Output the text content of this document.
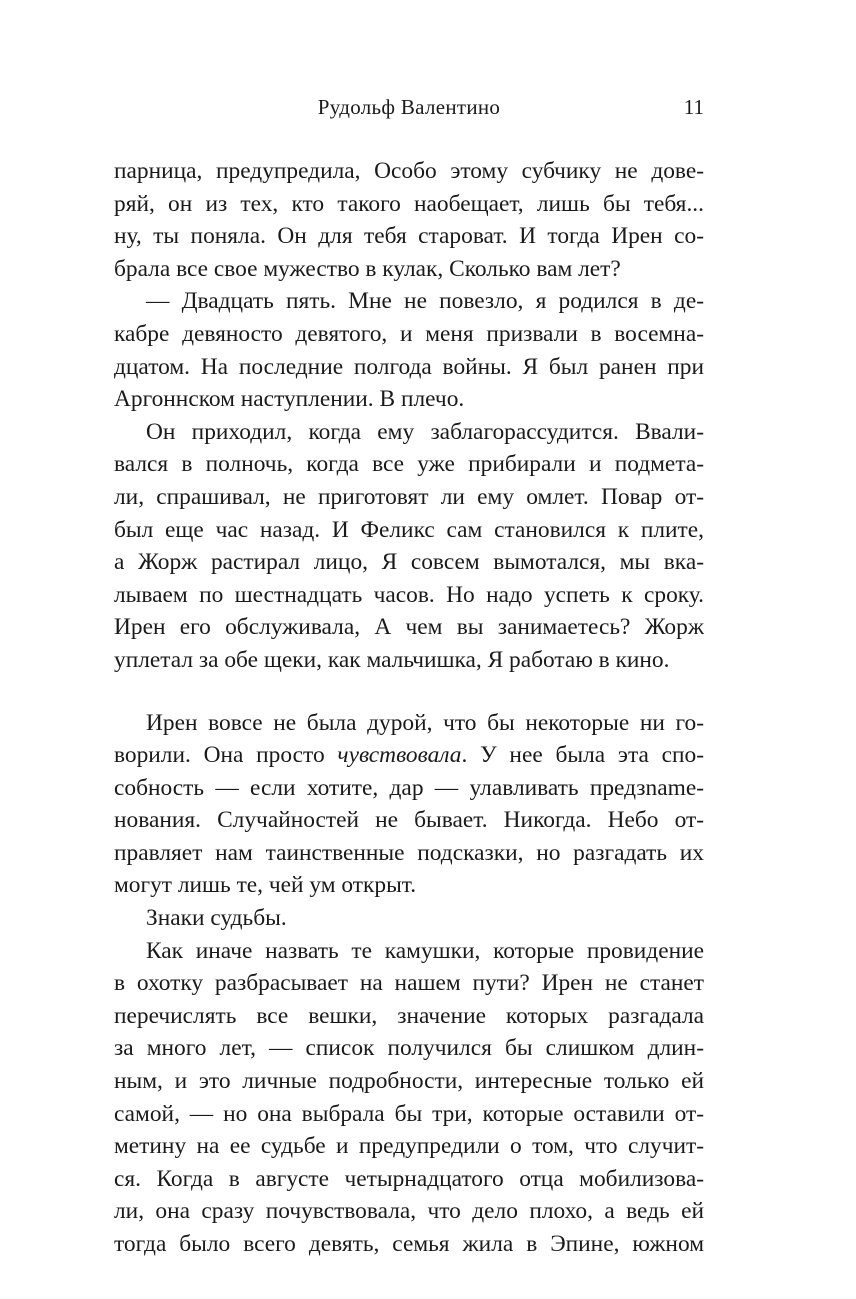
Рудольф Валентино	11
парница, предупредила, Особо этому субчику не дове-
ряй, он из тех, кто такого наобещает, лишь бы тебя...
ну, ты поняла. Он для тебя староват. И тогда Ирен со-
брала все свое мужество в кулак, Сколько вам лет?
— Двадцать пять. Мне не повезло, я родился в де-
кабре девяносто девятого, и меня призвали в восемна-
дцатом. На последние полгода войны. Я был ранен при
Аргоннском наступлении. В плечо.
Он приходил, когда ему заблагорассудится. Ввали-
вался в полночь, когда все уже прибирали и подмета-
ли, спрашивал, не приготовят ли ему омлет. Повар от-
был еще час назад. И Феликс сам становился к плите,
а Жорж растирал лицо, Я совсем вымотался, мы вка-
лываем по шестнадцать часов. Но надо успеть к сроку.
Ирен его обслуживала, А чем вы занимаетесь? Жорж
уплетал за обе щеки, как мальчишка, Я работаю в кино.
Ирен вовсе не была дурой, что бы некоторые ни го-
ворили. Она просто чувствовала. У нее была эта спо-
собность — если хотите, дар — улавливать предзname-
нования. Случайностей не бывает. Никогда. Небо от-
правляет нам таинственные подсказки, но разгадать их
могут лишь те, чей ум открыт.
Знаки судьбы.
Как иначе назвать те камушки, которые провидение
в охотку разбрасывает на нашем пути? Ирен не станет
перечислять все вешки, значение которых разгадала
за много лет, — список получился бы слишком длин-
ным, и это личные подробности, интересные только ей
самой, — но она выбрала бы три, которые оставили от-
метину на ее судьбе и предупредили о том, что случит-
ся. Когда в августе четырнадцатого отца мобилизова-
ли, она сразу почувствовала, что дело плохо, а ведь ей
тогда было всего девять, семья жила в Эпине, южном
